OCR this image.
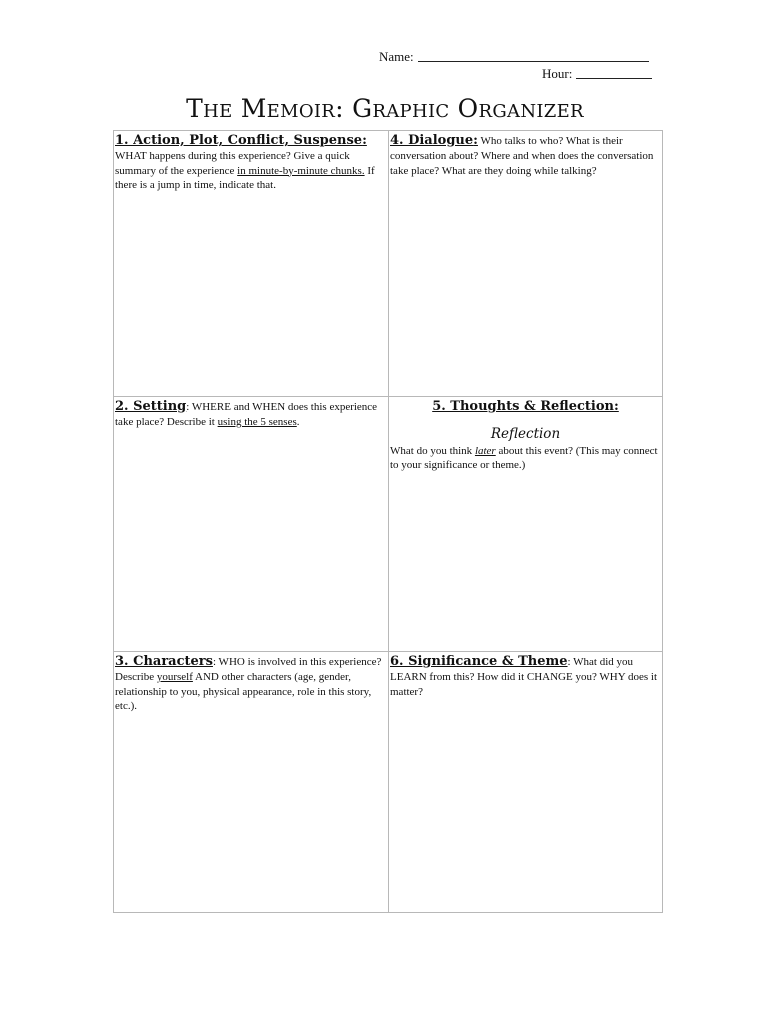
Name:
Hour:
The Memoir: Graphic Organizer
1. Action, Plot, Conflict, Suspense:
WHAT happens during this experience? Give a quick summary of the experience in minute-by-minute chunks. If there is a jump in time, indicate that.
4. Dialogue: Who talks to who? What is their conversation about? Where and when does the conversation take place? What are they doing while talking?
2. Setting: WHERE and WHEN does this experience take place? Describe it using the 5 senses.
5. Thoughts & Reflection:
Reflection
What do you think later about this event? (This may connect to your significance or theme.)
3. Characters: WHO is involved in this experience? Describe yourself AND other characters (age, gender, relationship to you, physical appearance, role in this story, etc.).
6. Significance & Theme: What did you LEARN from this? How did it CHANGE you? WHY does it matter?
